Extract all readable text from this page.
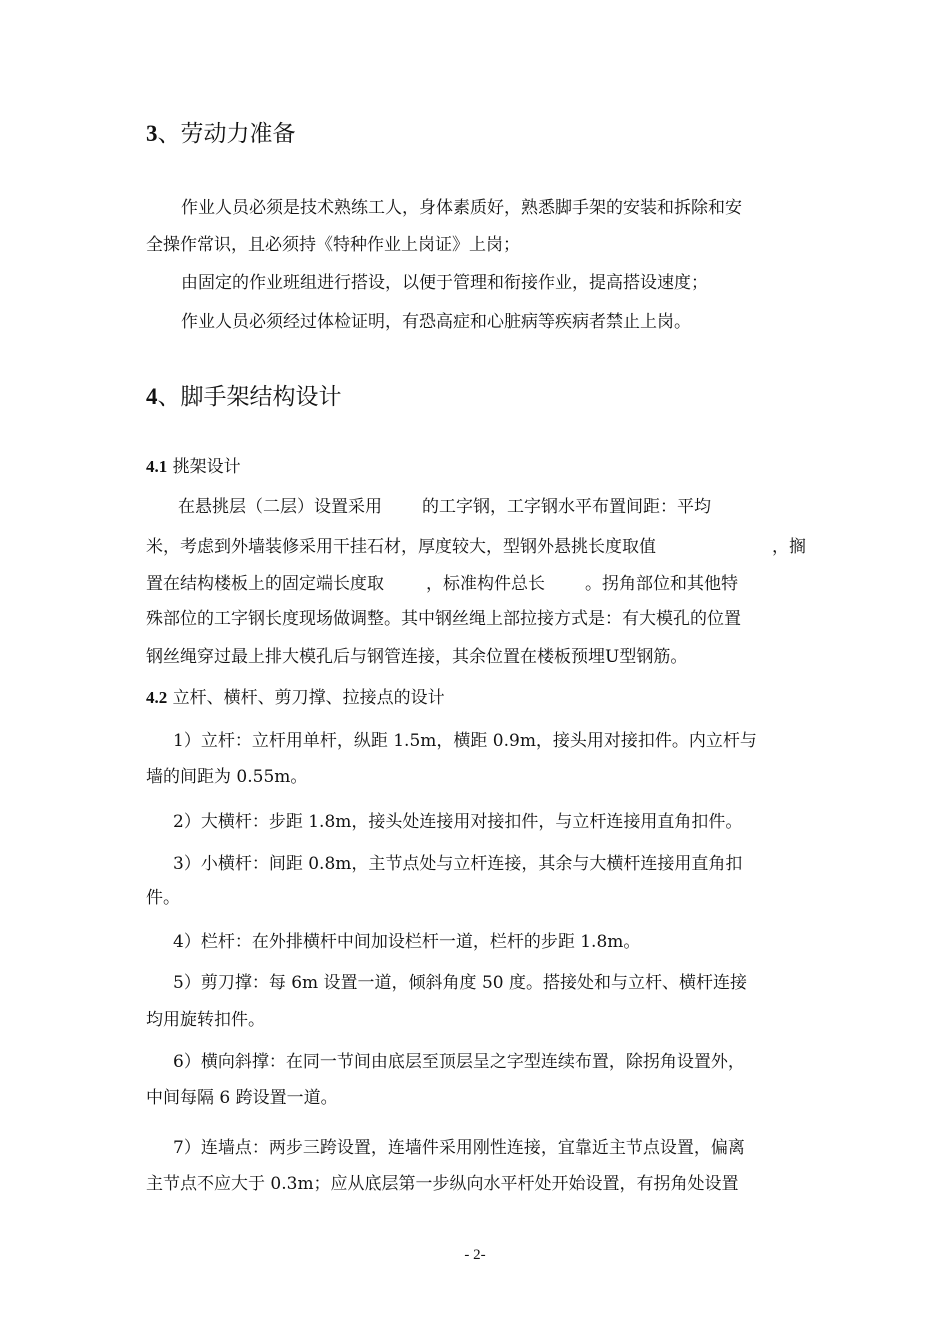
3、劳动力准备
作业人员必须是技术熟练工人，身体素质好，熟悉脚手架的安装和拆除和安
全操作常识，且必须持《特种作业上岗证》上岗；
由固定的作业班组进行搭设，以便于管理和衔接作业，提高搭设速度；
作业人员必须经过体检证明，有恐高症和心脏病等疾病者禁止上岗。
4、脚手架结构设计
4.1 挑架设计
在悬挑层（二层）设置采用 的工字钢，工字钢水平布置间距：平均
米，考虑到外墙装修采用干挂石材，厚度较大，型钢外悬挑长度取值	，搁
置在结构楼板上的固定端长度取 ，标准构件总长 。拐角部位和其他特
殊部位的工字钢长度现场做调整。其中钢丝绳上部拉接方式是：有大模孔的位置
钢丝绳穿过最上排大模孔后与钢管连接，其余位置在楼板预埋U型钢筋。
4.2 立杆、横杆、剪刀撑、拉接点的设计
1）立杆：立杆用单杆，纵距 1.5m，横距 0.9m，接头用对接扣件。内立杆与
墙的间距为 0.55m。
2）大横杆：步距 1.8m，接头处连接用对接扣件，与立杆连接用直角扣件。
3）小横杆：间距 0.8m，主节点处与立杆连接，其余与大横杆连接用直角扣
件。
4）栏杆：在外排横杆中间加设栏杆一道，栏杆的步距 1.8m。
5）剪刀撑：每 6m 设置一道，倾斜角度 50 度。搭接处和与立杆、横杆连接
均用旋转扣件。
6）横向斜撑：在同一节间由底层至顶层呈之字型连续布置，除拐角设置外，
中间每隔 6 跨设置一道。
7）连墙点：两步三跨设置，连墙件采用刚性连接，宜靠近主节点设置，偏离
主节点不应大于 0.3m；应从底层第一步纵向水平杆处开始设置，有拐角处设置
- 2-
